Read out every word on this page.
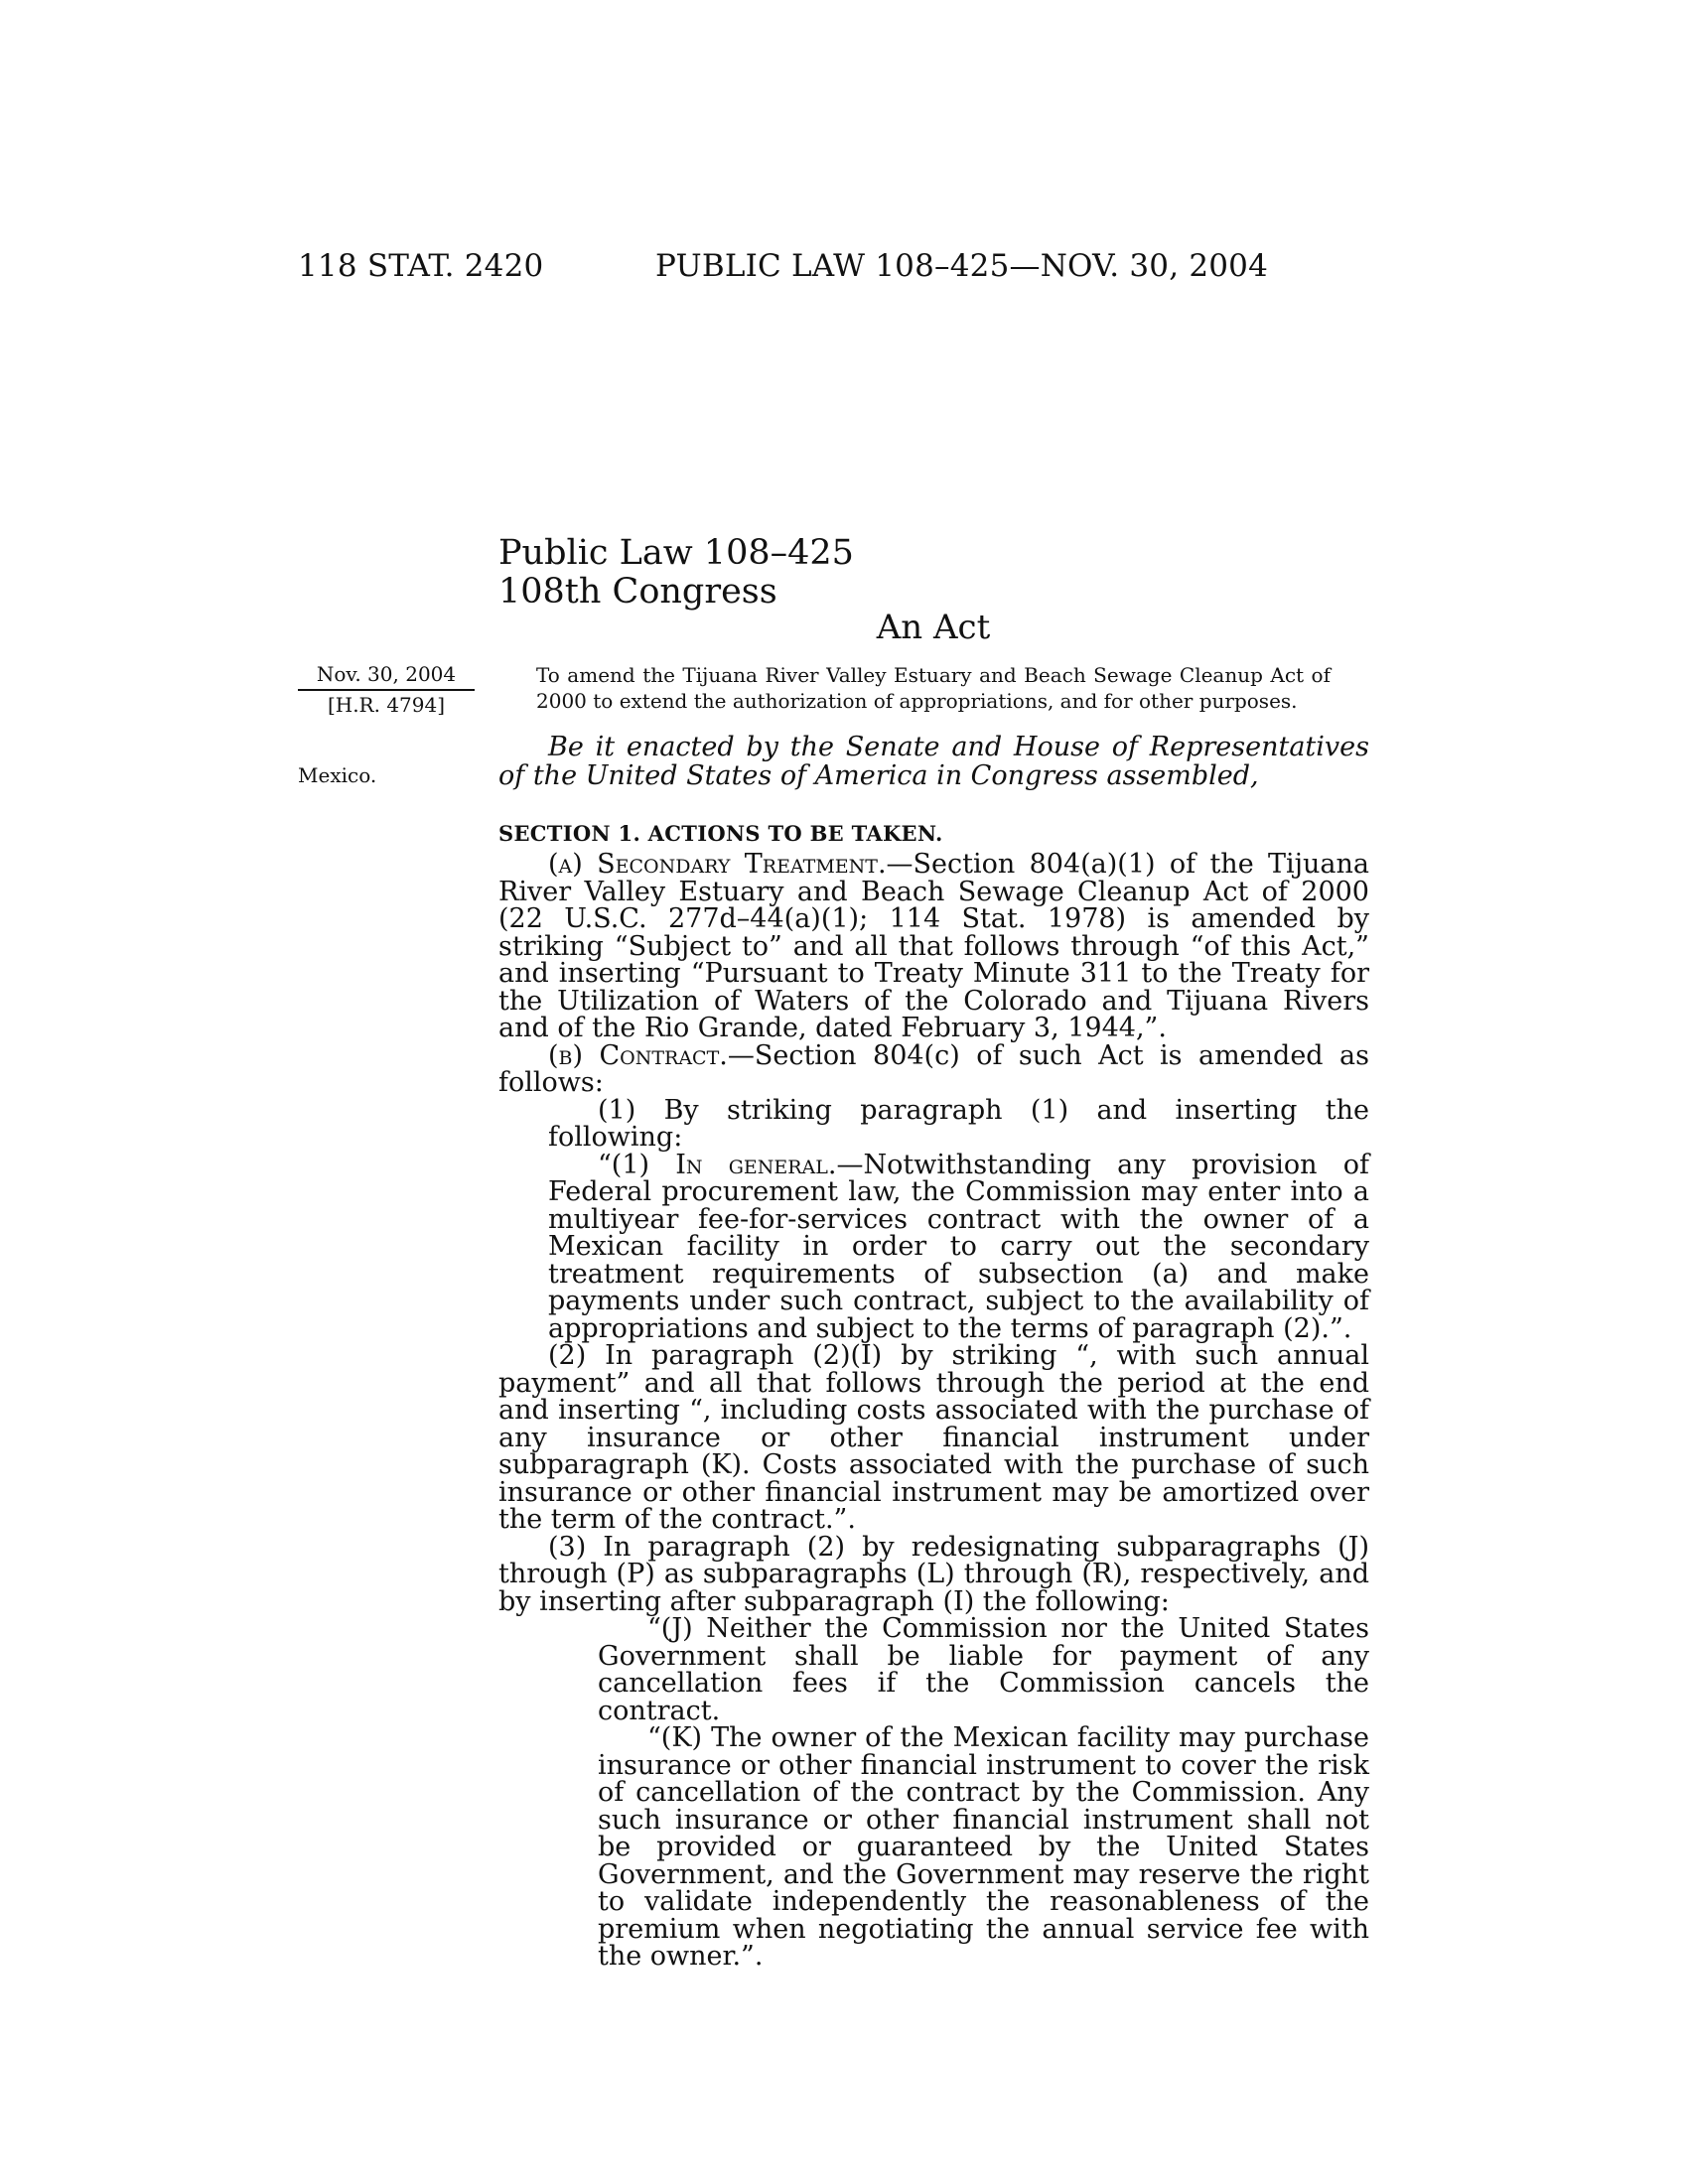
118 STAT. 2420	PUBLIC LAW 108–425—NOV. 30, 2004
Public Law 108–425
108th Congress
An Act
Nov. 30, 2004
[H.R. 4794]
Mexico.
To amend the Tijuana River Valley Estuary and Beach Sewage Cleanup Act of 2000 to extend the authorization of appropriations, and for other purposes.
Be it enacted by the Senate and House of Representatives of the United States of America in Congress assembled,
SECTION 1. ACTIONS TO BE TAKEN.

(a) Secondary Treatment.—Section 804(a)(1) of the Tijuana River Valley Estuary and Beach Sewage Cleanup Act of 2000 (22 U.S.C. 277d–44(a)(1); 114 Stat. 1978) is amended by striking “Subject to” and all that follows through “of this Act,” and inserting “Pursuant to Treaty Minute 311 to the Treaty for the Utilization of Waters of the Colorado and Tijuana Rivers and of the Rio Grande, dated February 3, 1944,”.

(b) Contract.—Section 804(c) of such Act is amended as follows:

(1) By striking paragraph (1) and inserting the following:

“(1) In general.—Notwithstanding any provision of Federal procurement law, the Commission may enter into a multiyear fee-for-services contract with the owner of a Mexican facility in order to carry out the secondary treatment requirements of subsection (a) and make payments under such contract, subject to the availability of appropriations and subject to the terms of paragraph (2).”.

(2) In paragraph (2)(I) by striking “, with such annual payment” and all that follows through the period at the end and inserting “, including costs associated with the purchase of any insurance or other financial instrument under subparagraph (K). Costs associated with the purchase of such insurance or other financial instrument may be amortized over the term of the contract.”.

(3) In paragraph (2) by redesignating subparagraphs (J) through (P) as subparagraphs (L) through (R), respectively, and by inserting after subparagraph (I) the following:

“(J) Neither the Commission nor the United States Government shall be liable for payment of any cancellation fees if the Commission cancels the contract.

“(K) The owner of the Mexican facility may purchase insurance or other financial instrument to cover the risk of cancellation of the contract by the Commission. Any such insurance or other financial instrument shall not be provided or guaranteed by the United States Government, and the Government may reserve the right to validate independently the reasonableness of the premium when negotiating the annual service fee with the owner.”.
